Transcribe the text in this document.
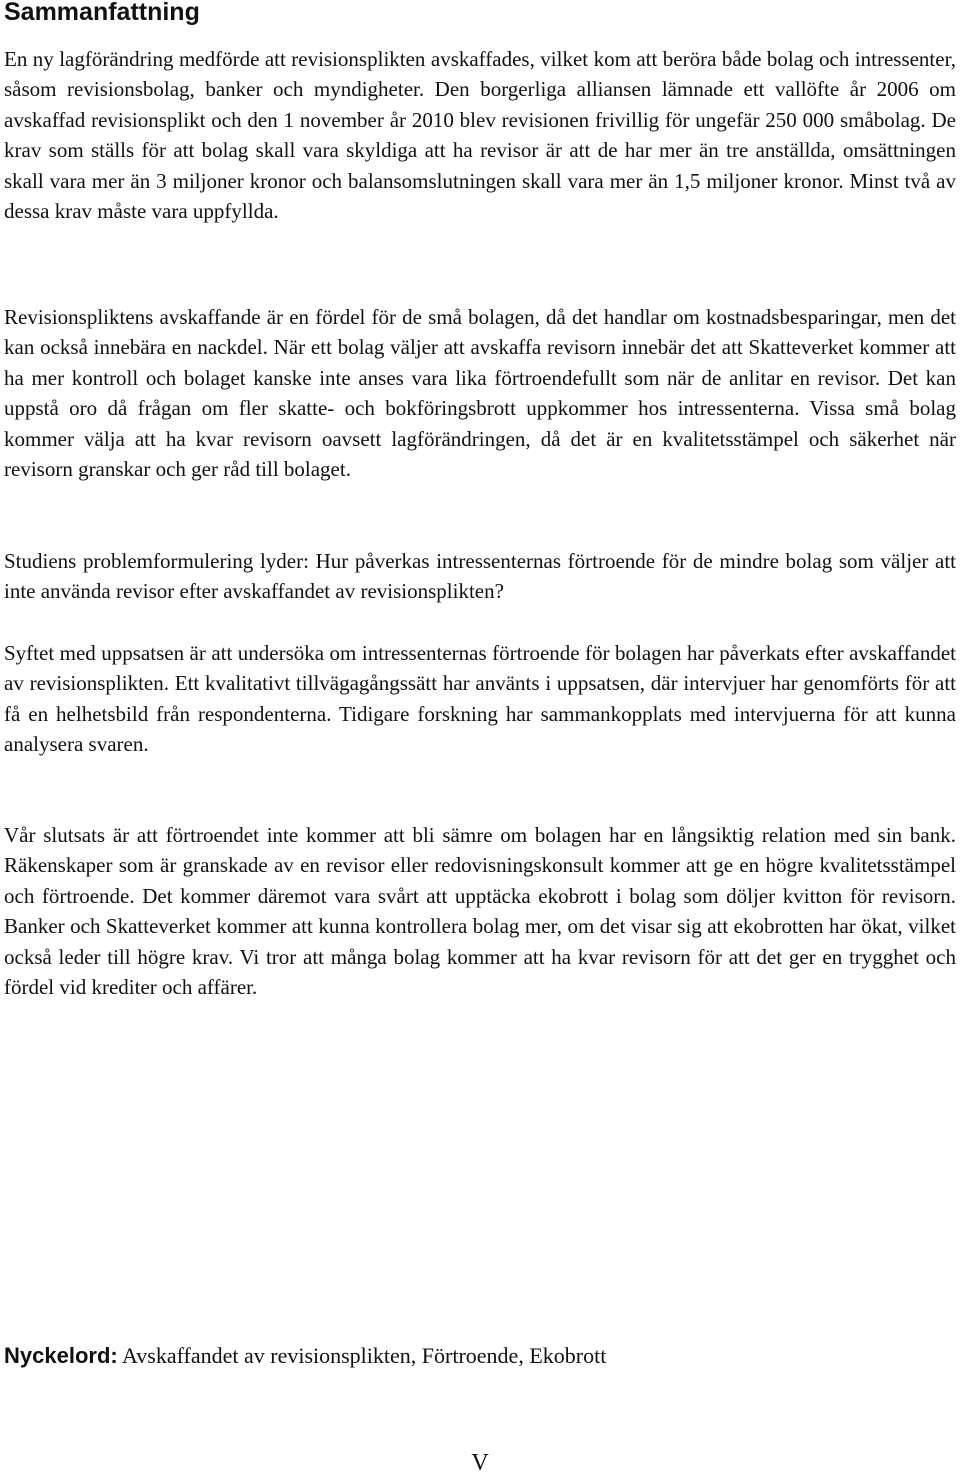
Sammanfattning

En ny lagförändring medförde att revisionsplikten avskaffades, vilket kom att beröra både bolag och intressenter, såsom revisionsbolag, banker och myndigheter. Den borgerliga alliansen lämnade ett vallöfte år 2006 om avskaffad revisionsplikt och den 1 november år 2010 blev revisionen frivillig för ungefär 250 000 småbolag. De krav som ställs för att bolag skall vara skyldiga att ha revisor är att de har mer än tre anställda, omsättningen skall vara mer än 3 miljoner kronor och balansomslutningen skall vara mer än 1,5 miljoner kronor. Minst två av dessa krav måste vara uppfyllda.

Revisionspliktens avskaffande är en fördel för de små bolagen, då det handlar om kostnadsbesparingar, men det kan också innebära en nackdel. När ett bolag väljer att avskaffa revisorn innebär det att Skatteverket kommer att ha mer kontroll och bolaget kanske inte anses vara lika förtroendefullt som när de anlitar en revisor. Det kan uppstå oro då frågan om fler skatte- och bokföringsbrott uppkommer hos intressenterna. Vissa små bolag kommer välja att ha kvar revisorn oavsett lagförändringen, då det är en kvalitetsstämpel och säkerhet när revisorn granskar och ger råd till bolaget.

Studiens problemformulering lyder: Hur påverkas intressenternas förtroende för de mindre bolag som väljer att inte använda revisor efter avskaffandet av revisionsplikten?

Syftet med uppsatsen är att undersöka om intressenternas förtroende för bolagen har påverkats efter avskaffandet av revisionsplikten. Ett kvalitativt tillvägagångssätt har använts i uppsatsen, där intervjuer har genomförts för att få en helhetsbild från respondenterna. Tidigare forskning har sammankopplats med intervjuerna för att kunna analysera svaren.

Vår slutsats är att förtroendet inte kommer att bli sämre om bolagen har en långsiktig relation med sin bank. Räkenskaper som är granskade av en revisor eller redovisningskonsult kommer att ge en högre kvalitetsstämpel och förtroende. Det kommer däremot vara svårt att upptäcka ekobrott i bolag som döljer kvitton för revisorn. Banker och Skatteverket kommer att kunna kontrollera bolag mer, om det visar sig att ekobrotten har ökat, vilket också leder till högre krav. Vi tror att många bolag kommer att ha kvar revisorn för att det ger en trygghet och fördel vid krediter och affärer.

Nyckelord: Avskaffandet av revisionsplikten, Förtroende, Ekobrott

V
